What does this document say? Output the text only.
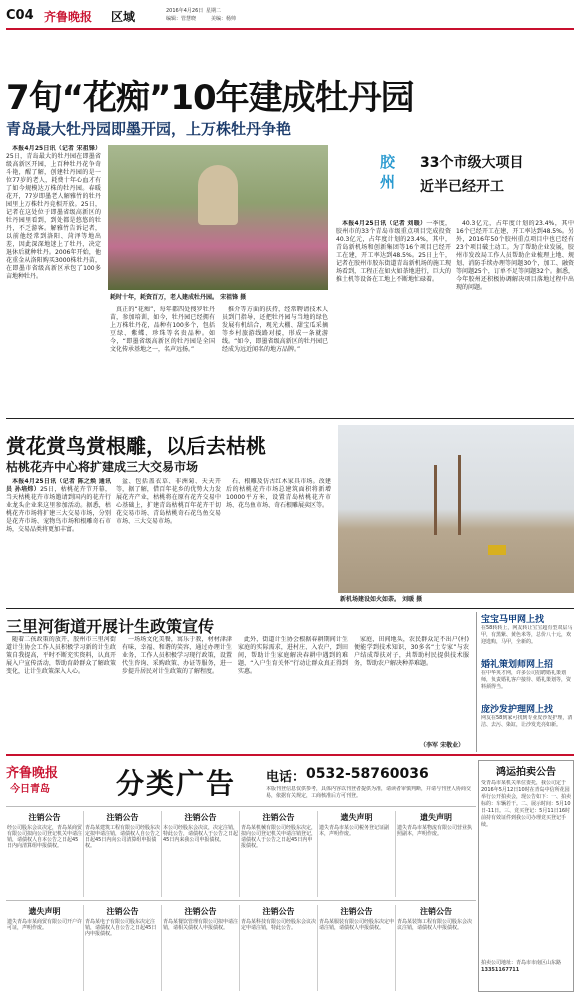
C04 齐鲁晚报 区域	2016年4月26日 星期二
编辑：管慧晓	美编：杨帅
7旬“花痴”10年建成牡丹园
青岛最大牡丹园即墨开园，上万株牡丹争艳

本报4月25日讯（记者 宋祖锋）25日，青岛最大的牡丹园在即墨省级高新区开园，上百种牡丹花争奇斗艳，醒了解，创建牡丹园的是一位77岁的老人，耗费十年心血才有了如今规模达万株的牡丹园。春暖花开，77岁即墨老人解雅竹的牡丹园里上万株牡丹竞相开放。25日，记者在这处位于即墨省级高新区的牡丹园里看到，到处都是悠悠的牡丹，不乏游客。解雅竹告诉记者，以前他经常到洛阳、菏泽等地出差，因此深深地迷上了牡丹，决定退休后就种牡丹。2006年开始，他花重金从洛阳购买3000株牡丹苗，在即墨市省级高新区承包了100多亩地种牡丹。

耗时十年，耗资百万，老人建成牡丹园。 宋祖锋 摄

真正的“花痴”，每年都四处搜罗牡丹苗，参加培训，如今，牡丹园已经拥有上万株牡丹花，品种有100多个，包括豆绿、紫蝶、珍珠等名贵品种。如今，“即墨省级高新区的牡丹园是全国文化传承基地之一，名声远扬。”

推介等方面的扶持，经常聘请技术人员到门指导，还把牡丹园与当地的绿色发展有机结合，观光大棚、甜宝瓜采摘等乡村旅游线路对接，形成一条就游线。“如今，即墨省级高新区的牡丹园已经成为远近闻名的地方品牌。”

胶州
33个市级大项目
近半已经开工

本报4月25日讯（记者 刘暖）一季度，胶州市的33个青岛市级重点项目完成投资40.3亿元，占年度计划的23.4%，其中，青岛新机场和创新集团等16个项目已经开工在建，开工率达到48.5%。25日上午，记者在胶州市胶东街道青岛新机场的施工现场看到，工程正在如火如荼地进行，巨大的推土机等设备在工地上不断地忙碌着。

40.3亿元，占年度计划的23.4%，其中16个已经开工在建，开工率达到48.5%。另外，2016年50个胶州重点项目中也已经有23个项目破土动工。为了帮助企业发展，胶州市发改局工作人员帮助企业梳理上地、规划、消防手续办理等问题30个，加工、融资等问题25个，订单不足等问题32个。据悉，今年胶州还积极协调解决项目落地过程中出现的问题。

赏花赏鸟赏根雕，以后去枯桃
枯桃花卉中心将扩建成三大交易市场

本报4月25日讯（记者 陈之焕 通讯员 孙培炜）25日，枯桃花卉节开幕，当天枯桃花卉市场邀请到国内的花卉行业龙头企业来这里参加活动。据悉，枯桃花卉市场将扩建三大交易市场，分别是花卉市场、宠物鸟市场和根雕奇石市场，交易品类将更加丰富。

盆、包括盖衣草、非洲菊、天天开等，据了解，借百年花乡的优势大力发展花卉产业，枯桃将在原有花卉交易中心基础上，扩建青岛枯桃百年花卉干切花交易市场、青岛枯桃奇石花鸟鱼交易市场、三大交易市场。

石、根雕及仿古红木家具市场。改建后的枯桃花卉市场总建筑面积将新增10000平方米，设置青岛枯桃花卉市场、花鸟鱼市场、奇石根雕展卖区等。

新机场建设如火如荼。 刘暖 摄
三里河街道开展计生政策宣传

随着二孩政策的放开，胶州市三里河街道计生协会工作人员积极学习新的计生政策自我提高，平时不断充实资料，认真开展入户宣传活动，帮助育龄群众了解政策变化，让计生政策深入人心。

一场场文化美餐，寓乐于教，材材津津有味，幸福、和谐的笑容，通过办理计生业务，工作人员积极学习现行政策，设置代生咨询、采购政策、办证等服务，进一步提升居民对计生政策的了解程度。

此外，街道计生协会根据春耕期间计生家庭的实际需求，进村庄、入农户，到田间，帮助计生家庭解决春耕中遇到的难题，“入户生育关怀”行动让群众真正得到实惠。

家庭，田间地头，农民群众足不出户(村)便能学到技术知识，30多名“土专家”与农户结成帮扶对子，共帮助村民提供技术服务，帮助农户解决种养难题。

（李军 宋敬业）
宝宝马甲网上找
在58转转上，网友转让宝宝超有型双层马甲，有黑紫、黄色米等，总价八十元，欢迎选购，马甲，全新的。
婚礼策划师网上招
在中华英才网，许多公司招聘婚礼策划师，负责婚礼客户接待、婚礼策划等，资料须得当。
庞沙发护理网上找
网友在58到家可找到专业皮沙发护理，清洁、去污、染缸，让沙发光亮如新。
齐鲁晚报
今日青岛 分类广告 电话： 0532-58760036
本版刊登信息仅供参考，具体内容以刊登者提供为准，请读者审慎判断，并请与刊登人协商交易，依据有关规定，工商核准后方可刊登。
鸿运拍卖公告
受青岛市某机关单位委托，我公司定于2016年5月12日10时在青岛中信所花园举行公开拍卖会，现公告如下：一、拍卖标的：车辆若干。二、展示时间：5月10日-11日。三、竞买登记：5月11日16时前持有效证件到我公司办理竞买登记手续。
拍卖公司地址：青岛市市南区山东路
13351167711
注销公告
经公司股东会议决定，青岛某商贸有限公司拟向公司登记机关申请注销，请债权人自本公告之日起45日内向清算组申报债权。
注销公告
青岛某建筑工程有限公司经股东决定拟申请注销，请债权人自公告之日起45日内向公司清算组申报债权。
注销公告
本公司经股东会决议，决定注销，特此公告，请债权人于公告之日起45日内来我公司申报债权。
注销公告
青岛某机械有限公司经股东决定，拟向公司登记机关申请注销登记，请债权人于公告之日起45日内申报债权。
遗失声明
遗失青岛市某公司税务登记证副本，声明作废。
遗失声明
遗失青岛市某物流有限公司营业执照副本，声明作废。
遗失声明
遗失青岛市某商贸有限公司开户许可证，声明作废。
注销公告
青岛某电子有限公司股东决定注销，请债权人自公告之日起45日内申报债权。
注销公告
青岛某餐饮管理有限公司拟申请注销，请相关债权人申报债权。
注销公告
青岛某科技有限公司经股东会议决定申请注销，特此公告。
注销公告
青岛某服装有限公司经股东决定申请注销，请债权人申报债权。
注销公告
青岛某装饰工程有限公司股东会决议注销，请债权人申报债权。
